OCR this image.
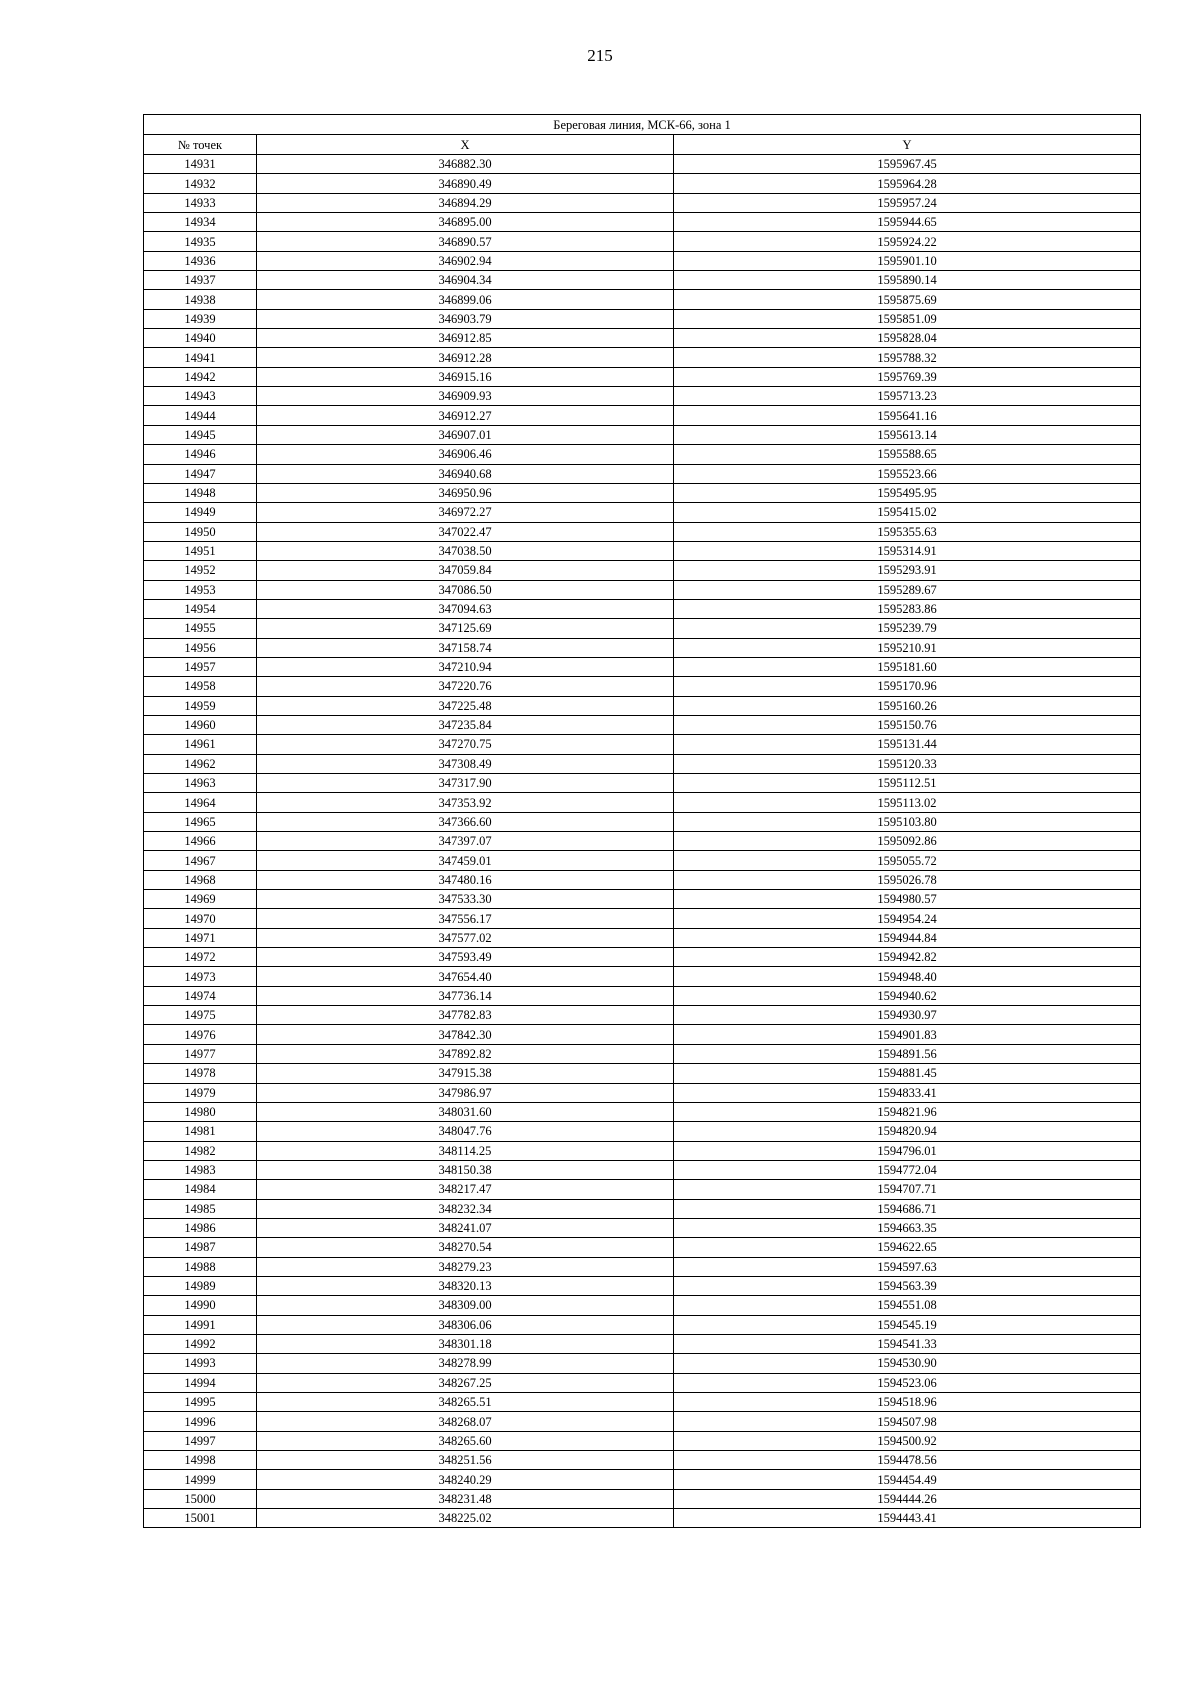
215
Береговая линия, МСК-66, зона 1		
№ точек	X	Y
14931	346882.30	1595967.45
14932	346890.49	1595964.28
14933	346894.29	1595957.24
14934	346895.00	1595944.65
14935	346890.57	1595924.22
14936	346902.94	1595901.10
14937	346904.34	1595890.14
14938	346899.06	1595875.69
14939	346903.79	1595851.09
14940	346912.85	1595828.04
14941	346912.28	1595788.32
14942	346915.16	1595769.39
14943	346909.93	1595713.23
14944	346912.27	1595641.16
14945	346907.01	1595613.14
14946	346906.46	1595588.65
14947	346940.68	1595523.66
14948	346950.96	1595495.95
14949	346972.27	1595415.02
14950	347022.47	1595355.63
14951	347038.50	1595314.91
14952	347059.84	1595293.91
14953	347086.50	1595289.67
14954	347094.63	1595283.86
14955	347125.69	1595239.79
14956	347158.74	1595210.91
14957	347210.94	1595181.60
14958	347220.76	1595170.96
14959	347225.48	1595160.26
14960	347235.84	1595150.76
14961	347270.75	1595131.44
14962	347308.49	1595120.33
14963	347317.90	1595112.51
14964	347353.92	1595113.02
14965	347366.60	1595103.80
14966	347397.07	1595092.86
14967	347459.01	1595055.72
14968	347480.16	1595026.78
14969	347533.30	1594980.57
14970	347556.17	1594954.24
14971	347577.02	1594944.84
14972	347593.49	1594942.82
14973	347654.40	1594948.40
14974	347736.14	1594940.62
14975	347782.83	1594930.97
14976	347842.30	1594901.83
14977	347892.82	1594891.56
14978	347915.38	1594881.45
14979	347986.97	1594833.41
14980	348031.60	1594821.96
14981	348047.76	1594820.94
14982	348114.25	1594796.01
14983	348150.38	1594772.04
14984	348217.47	1594707.71
14985	348232.34	1594686.71
14986	348241.07	1594663.35
14987	348270.54	1594622.65
14988	348279.23	1594597.63
14989	348320.13	1594563.39
14990	348309.00	1594551.08
14991	348306.06	1594545.19
14992	348301.18	1594541.33
14993	348278.99	1594530.90
14994	348267.25	1594523.06
14995	348265.51	1594518.96
14996	348268.07	1594507.98
14997	348265.60	1594500.92
14998	348251.56	1594478.56
14999	348240.29	1594454.49
15000	348231.48	1594444.26
15001	348225.02	1594443.41
